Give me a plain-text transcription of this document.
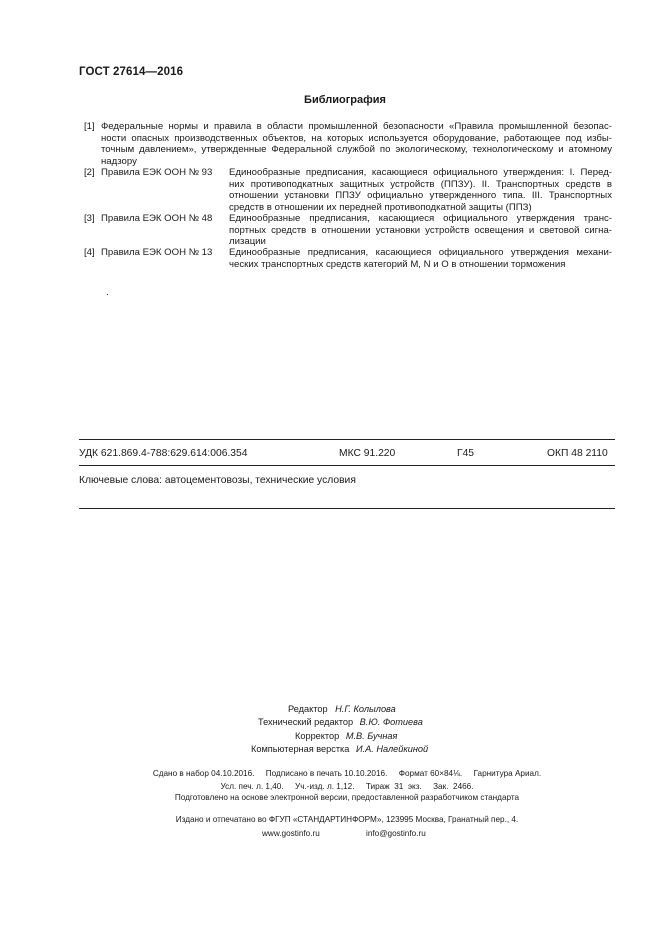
ГОСТ 27614—2016
Библиография
[1] Федеральные нормы и правила в области промышленной безопасности «Правила промышленной безопас-
ности опасных производственных объектов, на которых используется оборудование, работающее под избы-
точным давлением», утвержденные Федеральной службой по экологическому, технологическому и атомному
надзору
[2] Правила ЕЭК ООН № 93 Единообразные предписания, касающиеся официального утверждения: I. Перед-
них противоподкатных защитных устройств (ППЗУ). II. Транспортных средств в
отношении установки ППЗУ официально утвержденного типа. III. Транспортных
средств в отношении их передней противоподкатной защиты (ППЗ)
[3] Правила ЕЭК ООН № 48 Единообразные предписания, касающиеся официального утверждения транс-
портных средств в отношении установки устройств освещения и световой сигна-
лизации
[4] Правила ЕЭК ООН № 13 Единообразные предписания, касающиеся официального утверждения механи-
ческих транспортных средств категорий M, N и O в отношении торможения
.
УДК 621.869.4-788:629.614:006.354	МКС 91.220	Г45	ОКП 48 2110
Ключевые слова: автоцементовозы, технические условия
Редактор Н.Г. Колылова
Технический редактор В.Ю. Фотиева
Корректор М.В. Бучная
Компьютерная верстка И.А. Налейкиной
Сдано в набор 04.10.2016.     Подписано в печать 10.10.2016.     Формат 60×84⅛.     Гарнитура Ариал.
Усл. печ. л. 1,40.     Уч.-изд. л. 1,12.     Тираж  31  экз.     Зак.  2466.
Подготовлено на основе электронной версии, предоставленной разработчиком стандарта
Издано и отпечатано во ФГУП «СТАНДАРТИНФОРМ», 123995 Москва, Гранатный пер., 4.
www.gostinfo.ru	info@gostinfo.ru
